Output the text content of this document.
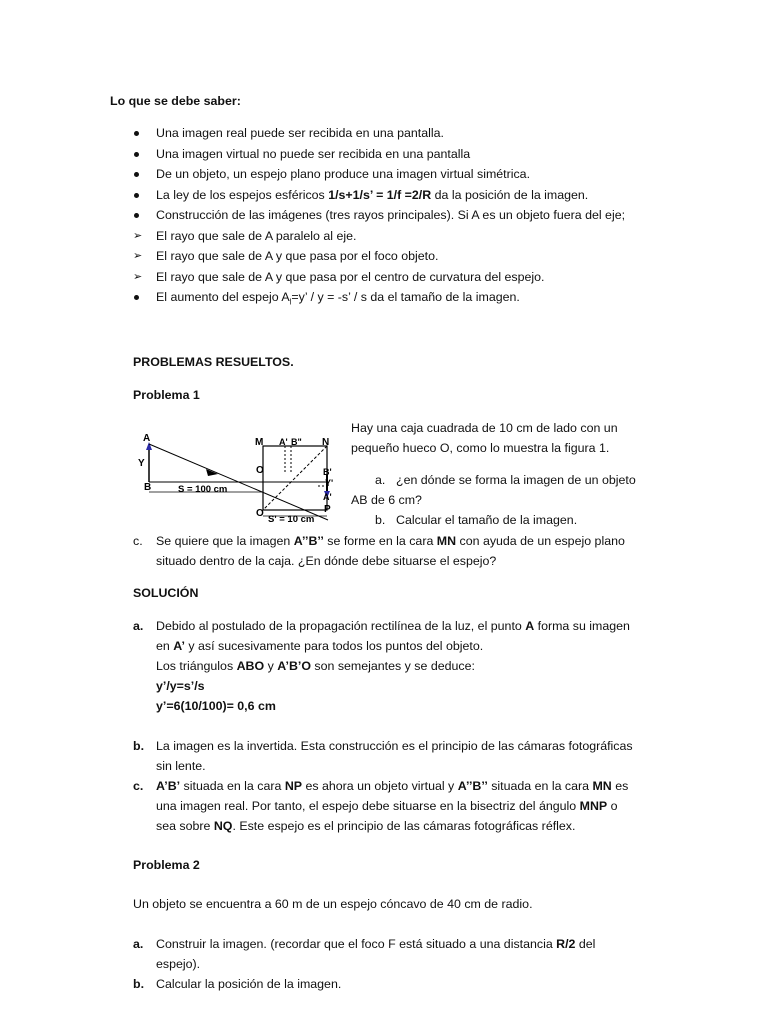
Lo que se debe saber:
Una imagen real puede ser recibida en una pantalla.
Una imagen virtual no puede ser recibida en una pantalla
De un objeto, un espejo plano produce una imagen virtual simétrica.
La ley de los espejos esféricos 1/s+1/s’ = 1/f =2/R da la posición de la imagen.
Construcción de las imágenes (tres rayos principales). Si A es un objeto fuera del eje;
➢ El rayo que sale de A paralelo al eje.
➢ El rayo que sale de A y que pasa por el foco objeto.
➢ El rayo que sale de A y que pasa por el centro de curvatura del espejo.
El aumento del espejo $A_l=y$’ / y = -s’ / s da el tamaño de la imagen.
PROBLEMAS RESUELTOS.
Problema 1
A
Y
B
M A' B" N
O	B'
Y'
A'
O	P
S = 100 cm
S' = 10 cm
Hay una caja cuadrada de 10 cm de lado con un
pequeño hueco O, como lo muestra la figura 1.
a. ¿en dónde se forma la imagen de un objeto
AB de 6 cm?
b. Calcular el tamaño de la imagen.
c. Se quiere que la imagen A’’B’’ se forme en la cara MN con ayuda de un espejo plano
situado dentro de la caja. ¿En dónde debe situarse el espejo?
SOLUCIÓN
a. Debido al postulado de la propagación rectilínea de la luz, el punto A forma su imagen
en A’ y así sucesivamente para todos los puntos del objeto.
Los triángulos ABO y A’B’O son semejantes y se deduce:
y’/y=s’/s
y’=6(10/100)= 0,6 cm
b. La imagen es la invertida. Esta construcción es el principio de las cámaras fotográficas
sin lente.
c. A’B’ situada en la cara NP es ahora un objeto virtual y A’’B’’ situada en la cara MN es
una imagen real. Por tanto, el espejo debe situarse en la bisectriz del ángulo MNP o
sea sobre NQ. Este espejo es el principio de las cámaras fotográficas réflex.
Problema 2
Un objeto se encuentra a 60 m de un espejo cóncavo de 40 cm de radio.
a. Construir la imagen. (recordar que el foco F está situado a una distancia R/2 del
espejo).
b. Calcular la posición de la imagen.
